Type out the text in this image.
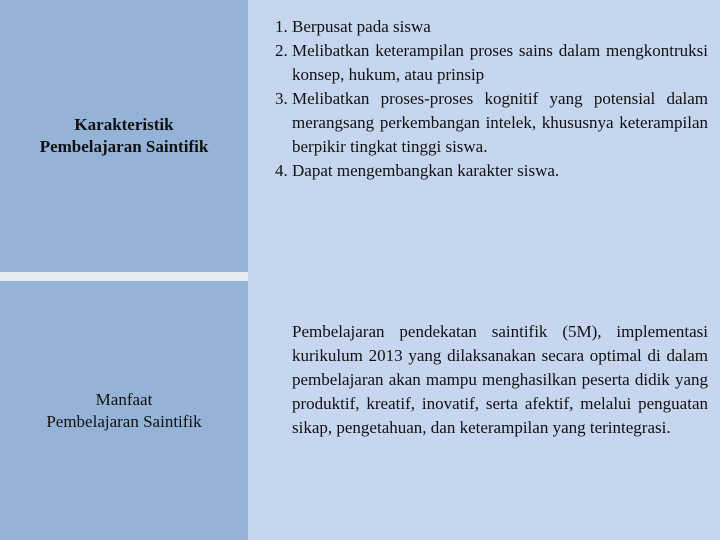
Karakteristik
Pembelajaran Saintifik
Manfaat
Pembelajaran Saintifik
1. Berpusat pada siswa
2. Melibatkan keterampilan proses sains dalam mengkontruksi konsep, hukum, atau prinsip
3. Melibatkan proses-proses kognitif yang potensial dalam merangsang perkembangan intelek, khususnya keterampilan berpikir tingkat tinggi siswa.
4. Dapat mengembangkan karakter siswa.

Pembelajaran pendekatan saintifik (5M), implementasi kurikulum 2013 yang dilaksanakan secara optimal di dalam pembelajaran akan mampu menghasilkan peserta didik yang produktif, kreatif, inovatif, serta afektif, melalui penguatan sikap, pengetahuan, dan keterampilan yang terintegrasi.
